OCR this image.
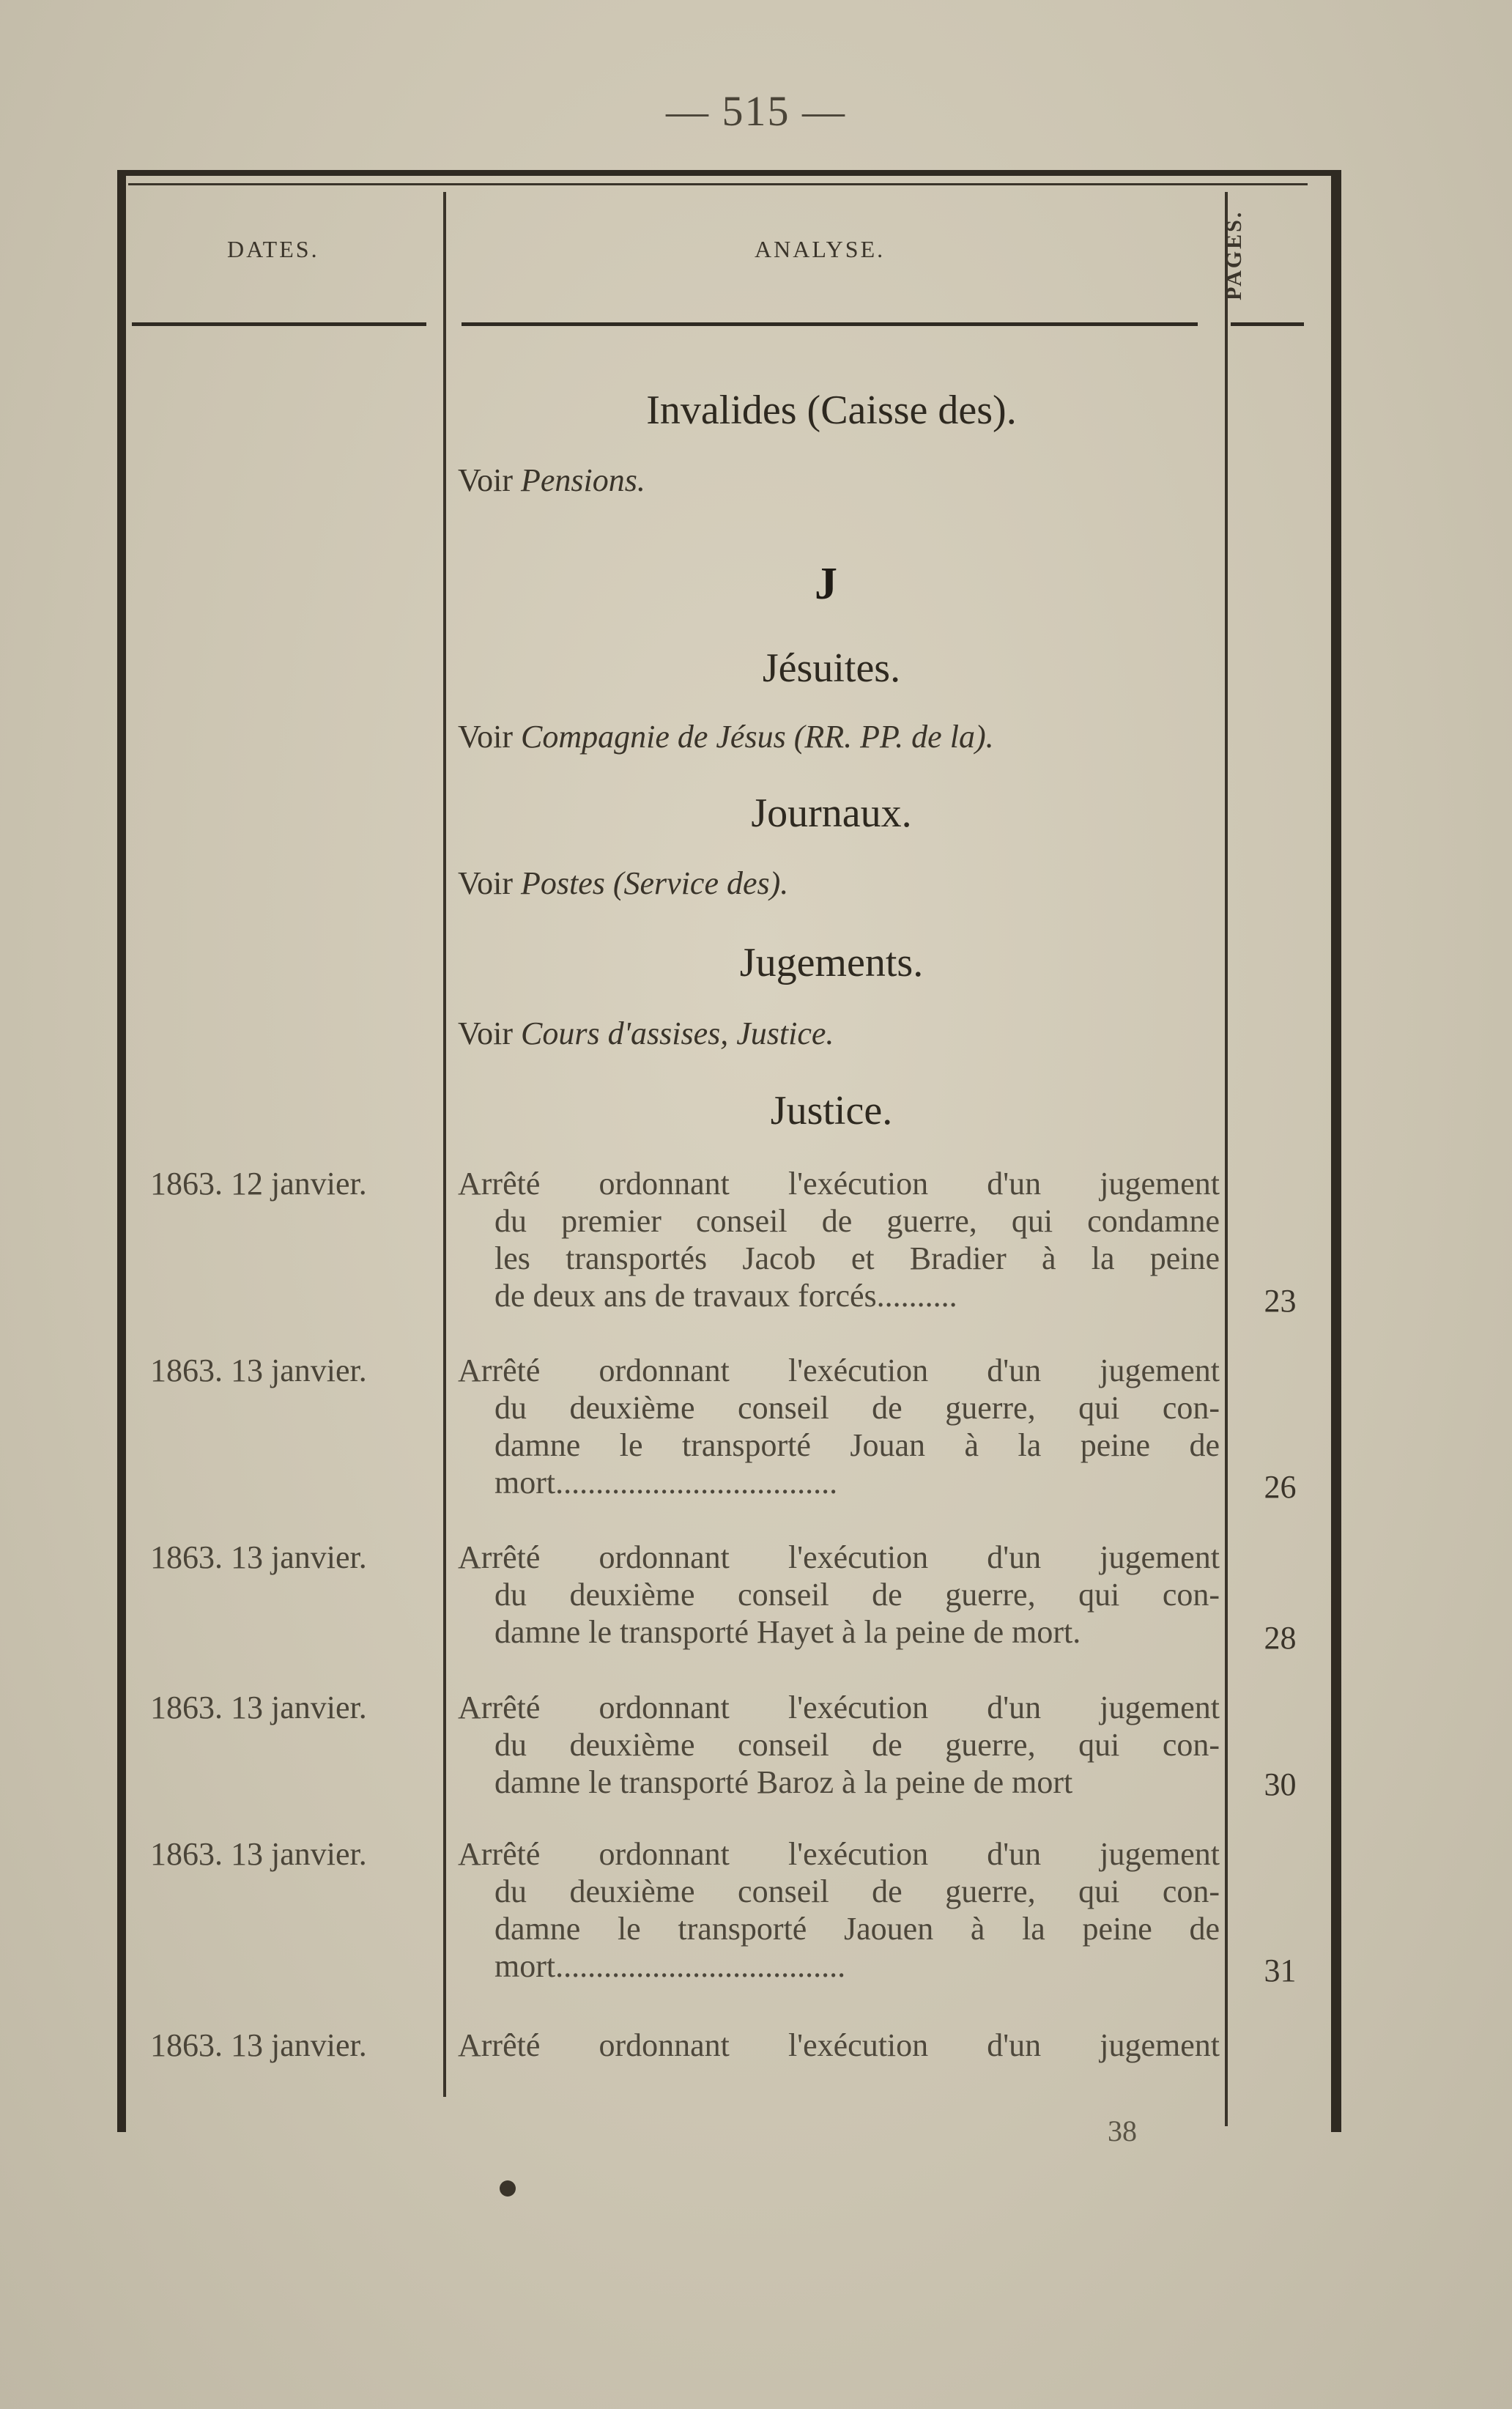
— 515 —
DATES.	ANALYSE.	PAGES.
Invalides (Caisse des).
Voir Pensions.
J
Jésuites.
Voir Compagnie de Jésus (RR. PP. de la).
Journaux.
Voir Postes (Service des).
Jugements.
Voir Cours d'assises, Justice.
Justice.
1863. 12 janvier.	Arrêté ordonnant l'exécution d'un jugement
du premier conseil de guerre, qui condamne
les transportés Jacob et Bradier à la peine
de deux ans de travaux forcés..........	23
1863. 13 janvier.	Arrêté ordonnant l'exécution d'un jugement
du deuxième conseil de guerre, qui con-
damne le transporté Jouan à la peine de
mort...................................	26
1863. 13 janvier.	Arrêté ordonnant l'exécution d'un jugement
du deuxième conseil de guerre, qui con-
damne le transporté Hayet à la peine de mort.	28
1863. 13 janvier.	Arrêté ordonnant l'exécution d'un jugement
du deuxième conseil de guerre, qui con-
damne le transporté Baroz à la peine de mort	30
1863. 13 janvier.	Arrêté ordonnant l'exécution d'un jugement
du deuxième conseil de guerre, qui con-
damne le transporté Jaouen à la peine de
mort....................................	31
1863. 13 janvier.	Arrêté ordonnant l'exécution d'un jugement
38
